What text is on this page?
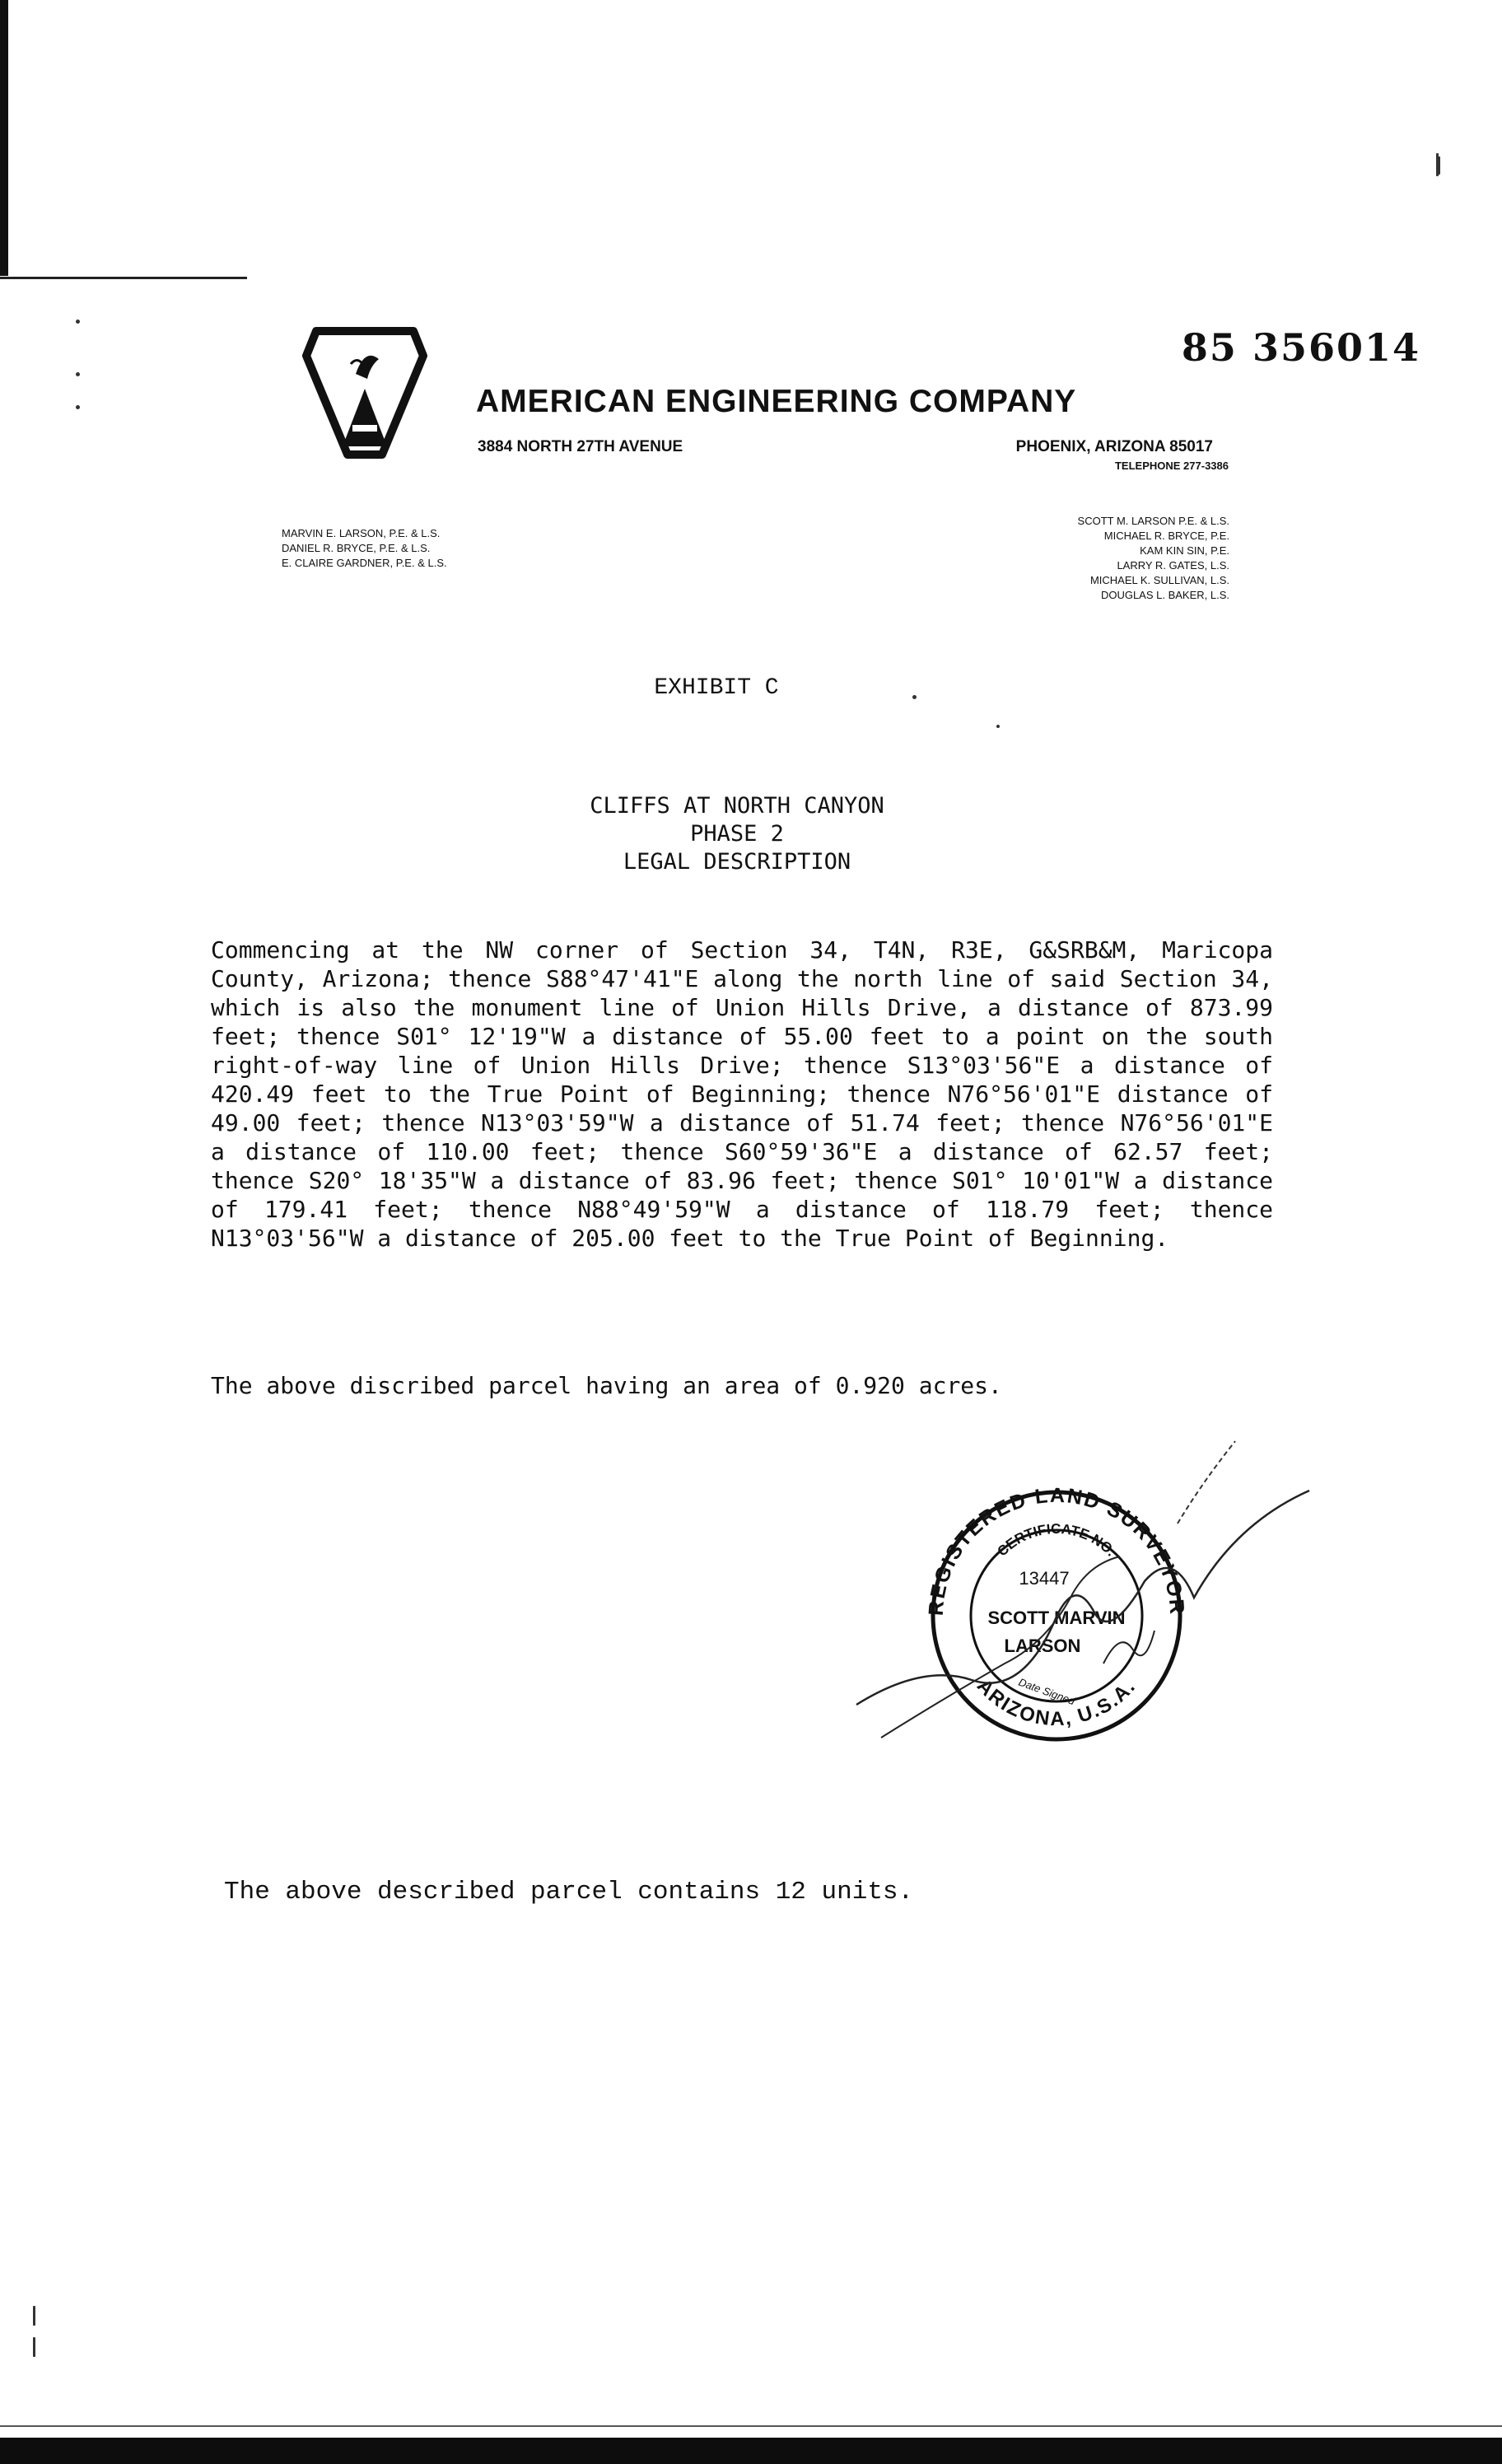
85 356014
AMERICAN ENGINEERING COMPANY
3884 NORTH 27TH AVENUE	PHOENIX, ARIZONA 85017
TELEPHONE 277-3386
MARVIN E. LARSON, P.E. & L.S.
DANIEL R. BRYCE, P.E. & L.S.
E. CLAIRE GARDNER, P.E. & L.S.
SCOTT M. LARSON P.E. & L.S.
MICHAEL R. BRYCE, P.E.
KAM KIN SIN, P.E.
LARRY R. GATES, L.S.
MICHAEL K. SULLIVAN, L.S.
DOUGLAS L. BAKER, L.S.
EXHIBIT C
CLIFFS AT NORTH CANYON
PHASE 2
LEGAL DESCRIPTION
Commencing at the NW corner of Section 34, T4N, R3E, G&SRB&M, Maricopa County, Arizona; thence S88°47'41"E along the north line of said Section 34, which is also the monument line of Union Hills Drive, a distance of 873.99 feet; thence S01° 12'19"W a distance of 55.00 feet to a point on the south right-of-way line of Union Hills Drive; thence S13°03'56"E a distance of 420.49 feet to the True Point of Beginning; thence N76°56'01"E distance of 49.00 feet; thence N13°03'59"W a distance of 51.74 feet; thence N76°56'01"E a distance of 110.00 feet; thence S60°59'36"E a distance of 62.57 feet; thence S20° 18'35"W a distance of 83.96 feet; thence S01° 10'01"W a distance of 179.41 feet; thence N88°49'59"W a distance of 118.79 feet; thence N13°03'56"W a distance of 205.00 feet to the True Point of Beginning.
The above discribed parcel having an area of 0.920 acres.
REGISTERED LAND SURVEYOR
CERTIFICATE NO.
13447
SCOTT MARVIN
LARSON
Date Signed
ARIZONA, U.S.A.
The above described parcel contains 12 units.
